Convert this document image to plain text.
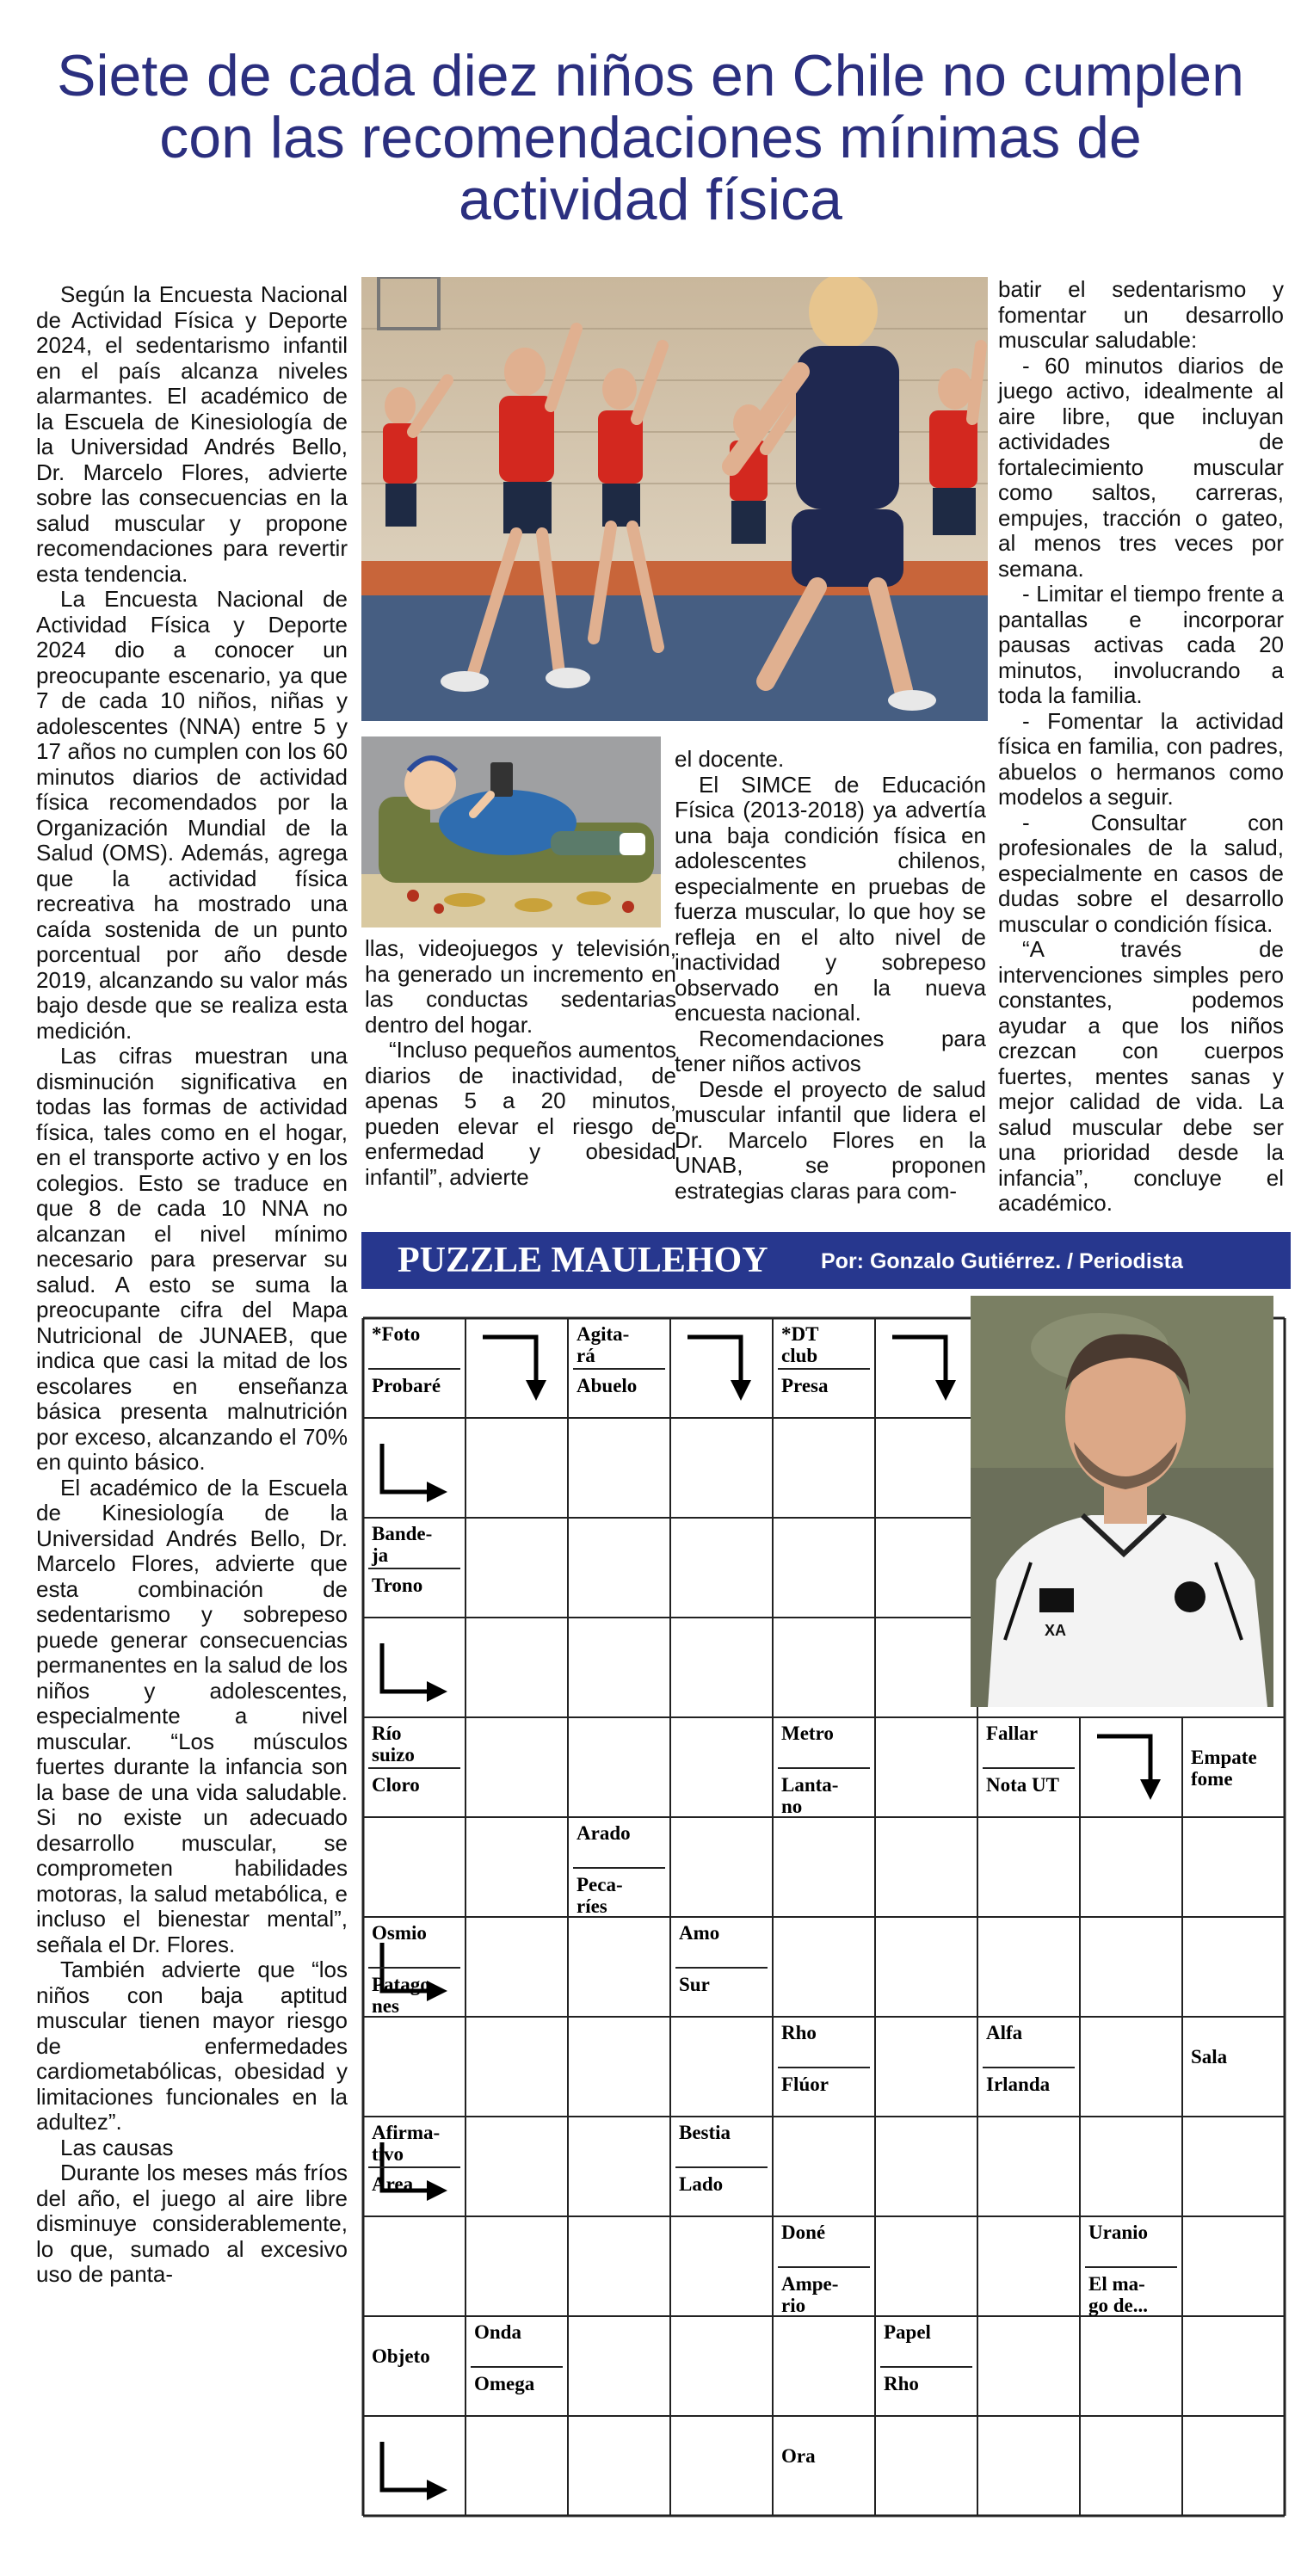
Siete de cada diez niños en Chile no cumplen con las recomendaciones mínimas de actividad física

Según la Encuesta Nacional de Actividad Física y Deporte 2024, el sedentarismo infantil en el país alcanza niveles alarmantes. El académico de la Escuela de Kinesiología de la Universidad Andrés Bello, Dr. Marcelo Flores, advierte sobre las consecuencias en la salud muscular y propone recomendaciones para revertir esta tendencia.

La Encuesta Nacional de Actividad Física y Deporte 2024 dio a conocer un preocupante escenario, ya que 7 de cada 10 niños, niñas y adolescentes (NNA) entre 5 y 17 años no cumplen con los 60 minutos diarios de actividad física recomendados por la Organización Mundial de la Salud (OMS). Además, agrega que la actividad física recreativa ha mostrado una caída sostenida de un punto porcentual por año desde 2019, alcanzando su valor más bajo desde que se realiza esta medición.

Las cifras muestran una disminución significativa en todas las formas de actividad física, tales como en el hogar, en el transporte activo y en los colegios. Esto se traduce en que 8 de cada 10 NNA no alcanzan el nivel mínimo necesario para preservar su salud. A esto se suma la preocupante cifra del Mapa Nutricional de JUNAEB, que indica que casi la mitad de los escolares en enseñanza básica presenta malnutrición por exceso, alcanzando el 70% en quinto básico.

El académico de la Escuela de Kinesiología de la Universidad Andrés Bello, Dr. Marcelo Flores, advierte que esta combinación de sedentarismo y sobrepeso puede generar consecuencias permanentes en la salud de los niños y adolescentes, especialmente a nivel muscular. “Los músculos fuertes durante la infancia son la base de una vida saludable. Si no existe un adecuado desarrollo muscular, se comprometen habilidades motoras, la salud metabólica, e incluso el bienestar mental”, señala el Dr. Flores.

También advierte que “los niños con baja aptitud muscular tienen mayor riesgo de enfermedades cardiometabólicas, obesidad y limitaciones funcionales en la adultez”.

Las causas

Durante los meses más fríos del año, el juego al aire libre disminuye considerablemente, lo que, sumado al excesivo uso de panta-

llas, videojuegos y televisión, ha generado un incremento en las conductas sedentarias dentro del hogar.

“Incluso pequeños aumentos diarios de inactividad, de apenas 5 a 20 minutos, pueden elevar el riesgo de enfermedad y obesidad infantil”, advierte

el docente.

El SIMCE de Educación Física (2013-2018) ya advertía una baja condición física en adolescentes chilenos, especialmente en pruebas de fuerza muscular, lo que hoy se refleja en el alto nivel de inactividad y sobrepeso observado en la nueva encuesta nacional.

Recomendaciones para tener niños activos

Desde el proyecto de salud muscular infantil que lidera el Dr. Marcelo Flores en la UNAB, se proponen estrategias claras para com-

batir el sedentarismo y fomentar un desarrollo muscular saludable:

- 60 minutos diarios de juego activo, idealmente al aire libre, que incluyan actividades de fortalecimiento muscular como saltos, carreras, empujes, tracción o gateo, al menos tres veces por semana.

- Limitar el tiempo frente a pantallas e incorporar pausas activas cada 20 minutos, involucrando a toda la familia.

- Fomentar la actividad física en familia, con padres, abuelos o hermanos como modelos a seguir.

- Consultar con profesionales de la salud, especialmente en casos de dudas sobre el desarrollo muscular o condición física.

“A través de intervenciones simples pero constantes, podemos ayudar a que los niños crezcan con cuerpos fuertes, mentes sanas y mejor calidad de vida. La salud muscular debe ser una prioridad desde la infancia”, concluye el académico.

PUZZLE MAULEHOY Por: Gonzalo Gutiérrez. / Periodista
XA
*Foto
Probaré
Agita-
rá
Abuelo
*DT
club
Presa
Bande-
ja
Trono
Río
suizo
Cloro
Metro
Lanta-
no
Fallar
Nota UT
Empate
fome
Arado
Peca-
ríes
Osmio
Patago-
nes
Amo
Sur
Rho
Flúor
Alfa
Irlanda
Sala
Afirma-
tivo
Area
Bestia
Lado
Doné
Ampe-
rio
Uranio
El ma-
go de...
Objeto
Onda
Omega
Papel
Rho
Ora
